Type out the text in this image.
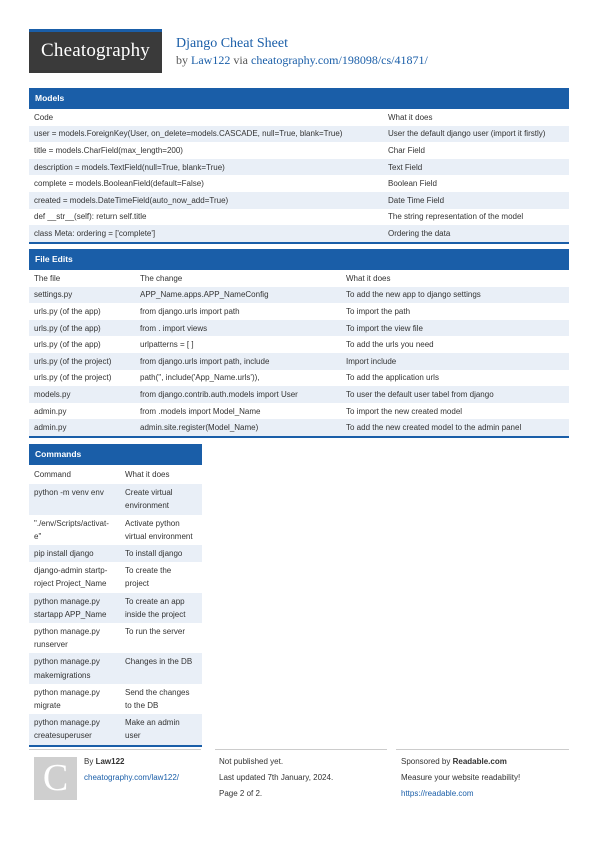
Cheatography	Django Cheat Sheet
by Law122 via cheatography.com/198098/cs/41871/
Models
Code	What it does
user = models.ForeignKey(User, on_delete=models.CASCADE, null=True, blank=True)	User the default django user (import it firstly)
title = models.CharField(max_length=200)	Char Field
description = models.TextField(null=True, blank=True)	Text Field
complete = models.BooleanField(default=False)	Boolean Field
created = models.DateTimeField(auto_now_add=True)	Date Time Field
def __str__(self): return self.title	The string representation of the model
class Meta: ordering = ['complete']	Ordering the data
File Edits
The file	The change	What it does
settings.py	APP_Name.apps.APP_NameConfig	To add the new app to django settings
urls.py (of the app)	from django.urls import path	To import the path
urls.py (of the app)	from . import views	To import the view file
urls.py (of the app)	urlpatterns = [ ]	To add the urls you need
urls.py (of the project)	from django.urls import path, include	Import include
urls.py (of the project)	path('', include('App_Name.urls')),	To add the application urls
models.py	from django.contrib.auth.models import User	To user the default user tabel from django
admin.py	from .models import Model_Name	To import the new created model
admin.py	admin.site.register(Model_Name)	To add the new created model to the admin panel
Commands
Command	What it does
python -m venv env	Create virtual environment
"./env/Scripts/activat-e"	Activate python virtual environment
pip install django	To install django
django-admin startp-roject Project_Name	To create the project
python manage.py startapp APP_Name	To create an app inside the project
python manage.py runserver	To run the server
python manage.py makemigrations	Changes in the DB
python manage.py migrate	Send the changes to the DB
python manage.py createsuperuser	Make an admin user
C	By Law122
cheatography.com/law122/
Not published yet.
Last updated 7th January, 2024.
Page 2 of 2.
Sponsored by Readable.com
Measure your website readability!
https://readable.com
